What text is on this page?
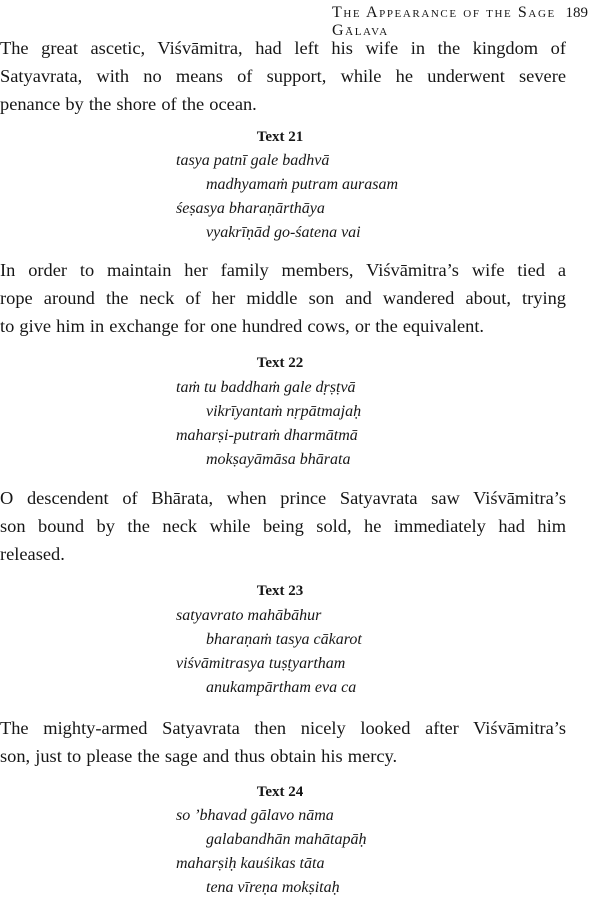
The Appearance of the Sage Gālava
189

The great ascetic, Viśvāmitra, had left his wife in the kingdom of
Satyavrata, with no means of support, while he underwent severe
penance by the shore of the ocean.

Text 21
tasya patnī gale badhvā
madhyamaṁ putram aurasam
śeṣasya bharaṇārthāya
vyakrīṇād go-śatena vai

In order to maintain her family members, Viśvāmitra’s wife tied a
rope around the neck of her middle son and wandered about, trying
to give him in exchange for one hundred cows, or the equivalent.

Text 22
taṁ tu baddhaṁ gale dṛṣṭvā
vikrīyantaṁ nṛpātmajaḥ
maharṣi-putraṁ dharmātmā
mokṣayāmāsa bhārata

O descendent of Bhārata, when prince Satyavrata saw Viśvāmitra’s
son bound by the neck while being sold, he immediately had him
released.

Text 23
satyavrato mahābāhur
bharaṇaṁ tasya cākarot
viśvāmitrasya tuṣṭyartham
anukampārtham eva ca

The mighty-armed Satyavrata then nicely looked after Viśvāmitra’s
son, just to please the sage and thus obtain his mercy.

Text 24
so ’bhavad gālavo nāma
galabandhān mahātapāḥ
maharṣiḥ kauśikas tāta
tena vīreṇa mokṣitaḥ
